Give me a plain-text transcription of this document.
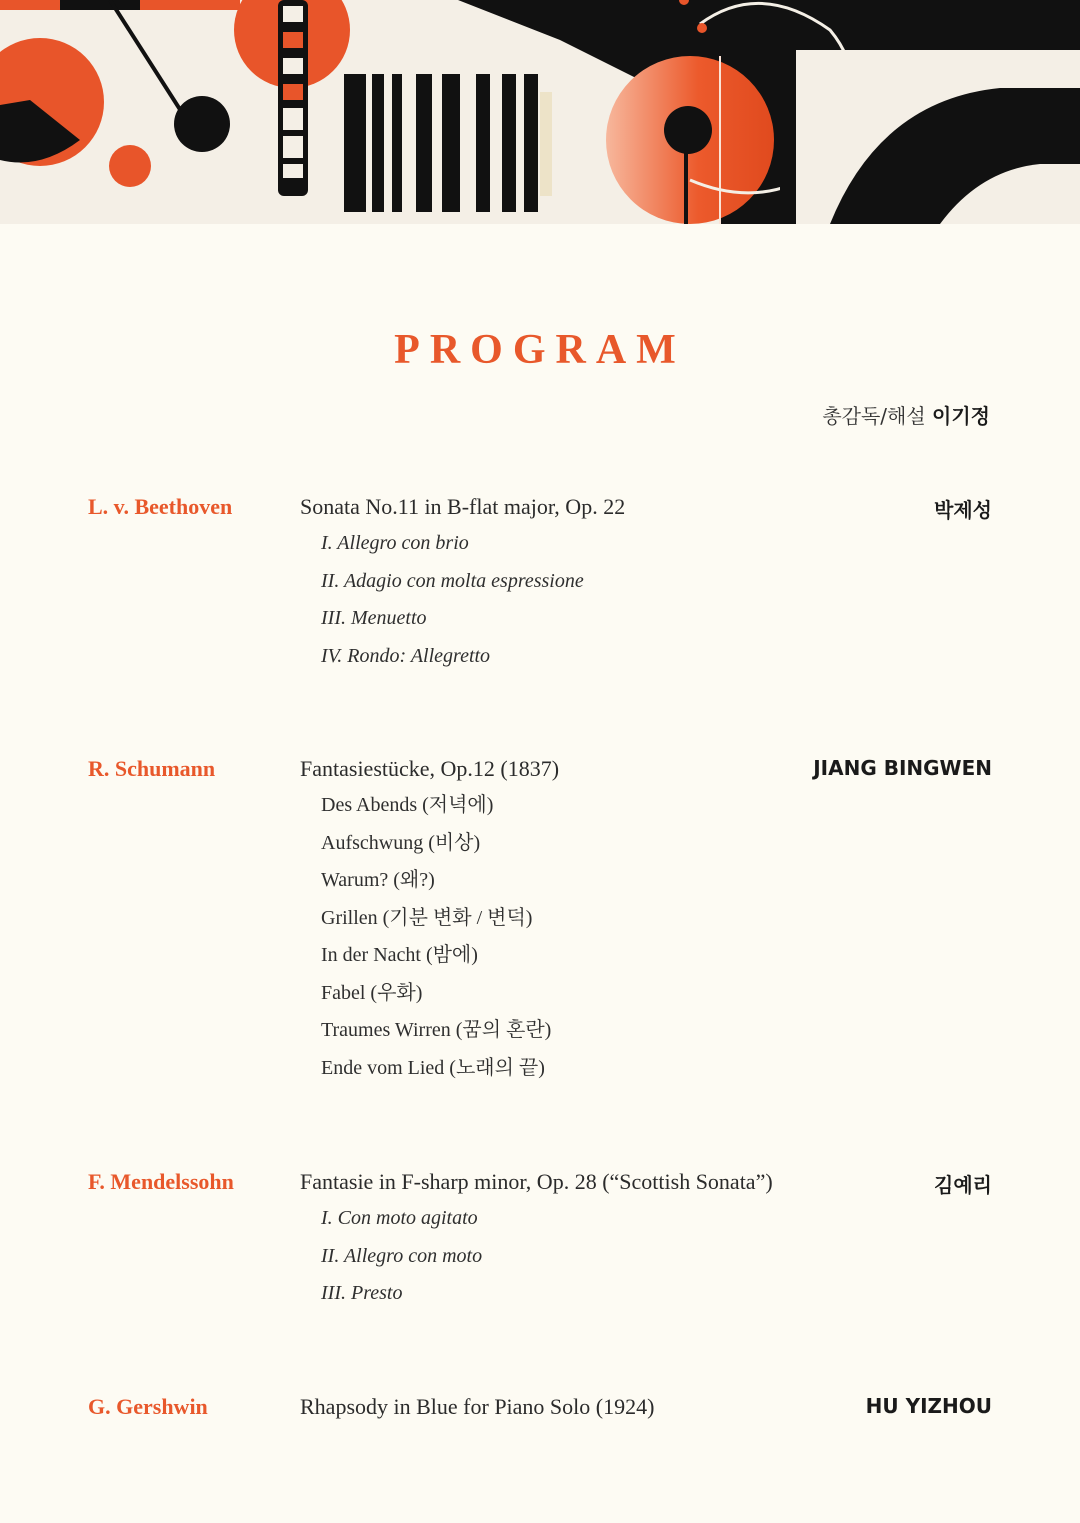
PROGRAM
총감독/해설 이기정
L. v. Beethoven	Sonata No.11 in B-flat major, Op. 22	박제성
I. Allegro con brio
II. Adagio con molta espressione
III. Menuetto
IV. Rondo: Allegretto
R. Schumann	Fantasiestücke, Op.12 (1837)	JIANG BINGWEN
Des Abends (저녁에)
Aufschwung (비상)
Warum? (왜?)
Grillen (기분 변화 / 변덕)
In der Nacht (밤에)
Fabel (우화)
Traumes Wirren (꿈의 혼란)
Ende vom Lied (노래의 끝)
F. Mendelssohn	Fantasie in F-sharp minor, Op. 28 (“Scottish Sonata”)	김예리
I. Con moto agitato
II. Allegro con moto
III. Presto
G. Gershwin	Rhapsody in Blue for Piano Solo (1924)	HU YIZHOU
